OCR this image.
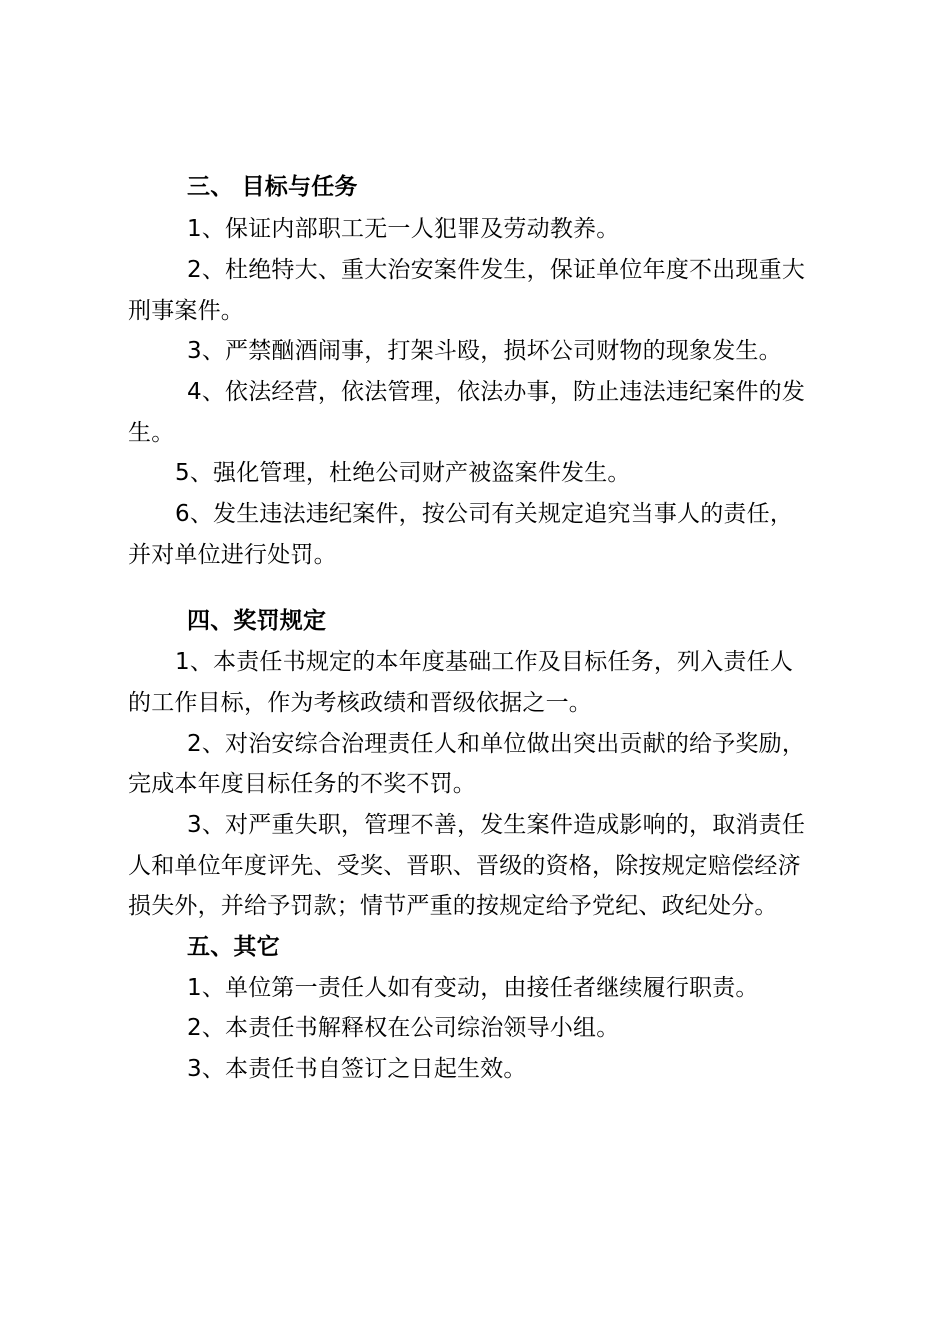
三、 目标与任务

1、保证内部职工无一人犯罪及劳动教养。

2、杜绝特大、重大治安案件发生，保证单位年度不出现重大

刑事案件。

3、严禁酗酒闹事，打架斗殴，损坏公司财物的现象发生。

4、依法经营，依法管理，依法办事，防止违法违纪案件的发

生。

5、强化管理，杜绝公司财产被盗案件发生。

6、发生违法违纪案件，按公司有关规定追究当事人的责任，

并对单位进行处罚。

四、奖罚规定

1、本责任书规定的本年度基础工作及目标任务，列入责任人

的工作目标，作为考核政绩和晋级依据之一。

2、对治安综合治理责任人和单位做出突出贡献的给予奖励，

完成本年度目标任务的不奖不罚。

3、对严重失职，管理不善，发生案件造成影响的，取消责任

人和单位年度评先、受奖、晋职、晋级的资格，除按规定赔偿经济

损失外，并给予罚款；情节严重的按规定给予党纪、政纪处分。

五、其它

1、单位第一责任人如有变动，由接任者继续履行职责。

2、本责任书解释权在公司综治领导小组。

3、本责任书自签订之日起生效。
